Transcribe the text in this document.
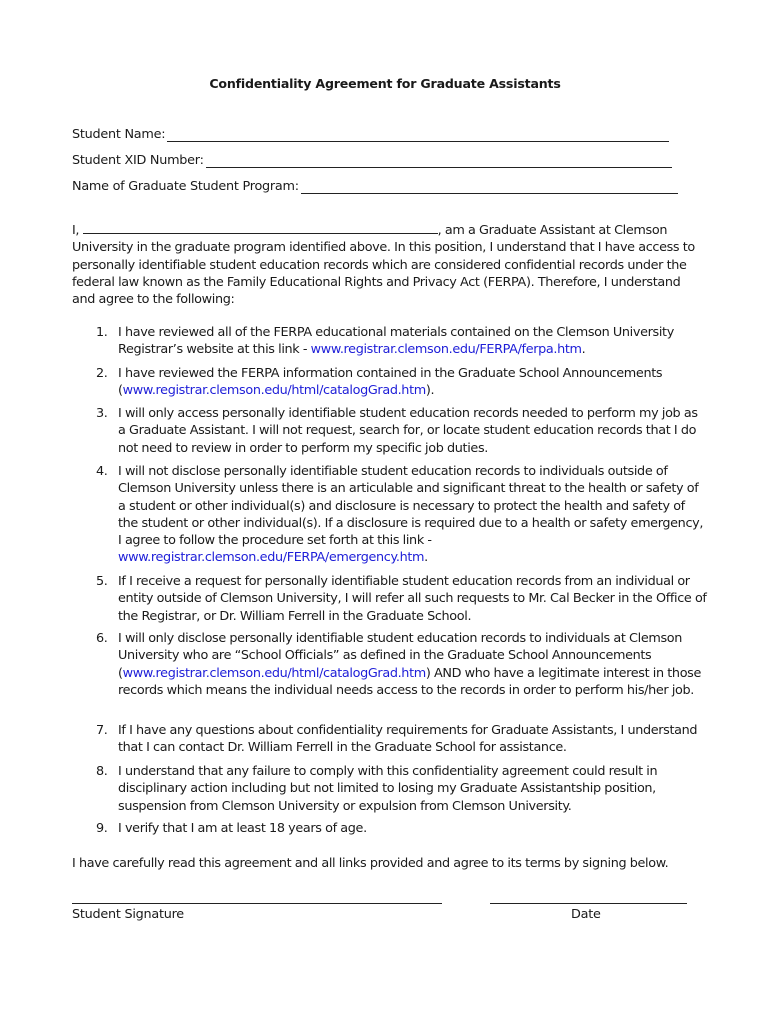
Confidentiality Agreement for Graduate Assistants
Student Name:
Student XID Number:
Name of Graduate Student Program:
I,	, am a Graduate Assistant at Clemson University in the graduate program identified above. In this position, I understand that I have access to personally identifiable student education records which are considered confidential records under the federal law known as the Family Educational Rights and Privacy Act (FERPA). Therefore, I understand and agree to the following:
1. I have reviewed all of the FERPA educational materials contained on the Clemson University Registrar’s website at this link - www.registrar.clemson.edu/FERPA/ferpa.htm.
2. I have reviewed the FERPA information contained in the Graduate School Announcements (www.registrar.clemson.edu/html/catalogGrad.htm).
3. I will only access personally identifiable student education records needed to perform my job as a Graduate Assistant. I will not request, search for, or locate student education records that I do not need to review in order to perform my specific job duties.
4. I will not disclose personally identifiable student education records to individuals outside of Clemson University unless there is an articulable and significant threat to the health or safety of a student or other individual(s) and disclosure is necessary to protect the health and safety of the student or other individual(s). If a disclosure is required due to a health or safety emergency, I agree to follow the procedure set forth at this link - www.registrar.clemson.edu/FERPA/emergency.htm.
5. If I receive a request for personally identifiable student education records from an individual or entity outside of Clemson University, I will refer all such requests to Mr. Cal Becker in the Office of the Registrar, or Dr. William Ferrell in the Graduate School.
6. I will only disclose personally identifiable student education records to individuals at Clemson University who are “School Officials” as defined in the Graduate School Announcements (www.registrar.clemson.edu/html/catalogGrad.htm) AND who have a legitimate interest in those records which means the individual needs access to the records in order to perform his/her job.
7. If I have any questions about confidentiality requirements for Graduate Assistants, I understand that I can contact Dr. William Ferrell in the Graduate School for assistance.
8. I understand that any failure to comply with this confidentiality agreement could result in disciplinary action including but not limited to losing my Graduate Assistantship position, suspension from Clemson University or expulsion from Clemson University.
9. I verify that I am at least 18 years of age.
I have carefully read this agreement and all links provided and agree to its terms by signing below.
Student Signature	Date
